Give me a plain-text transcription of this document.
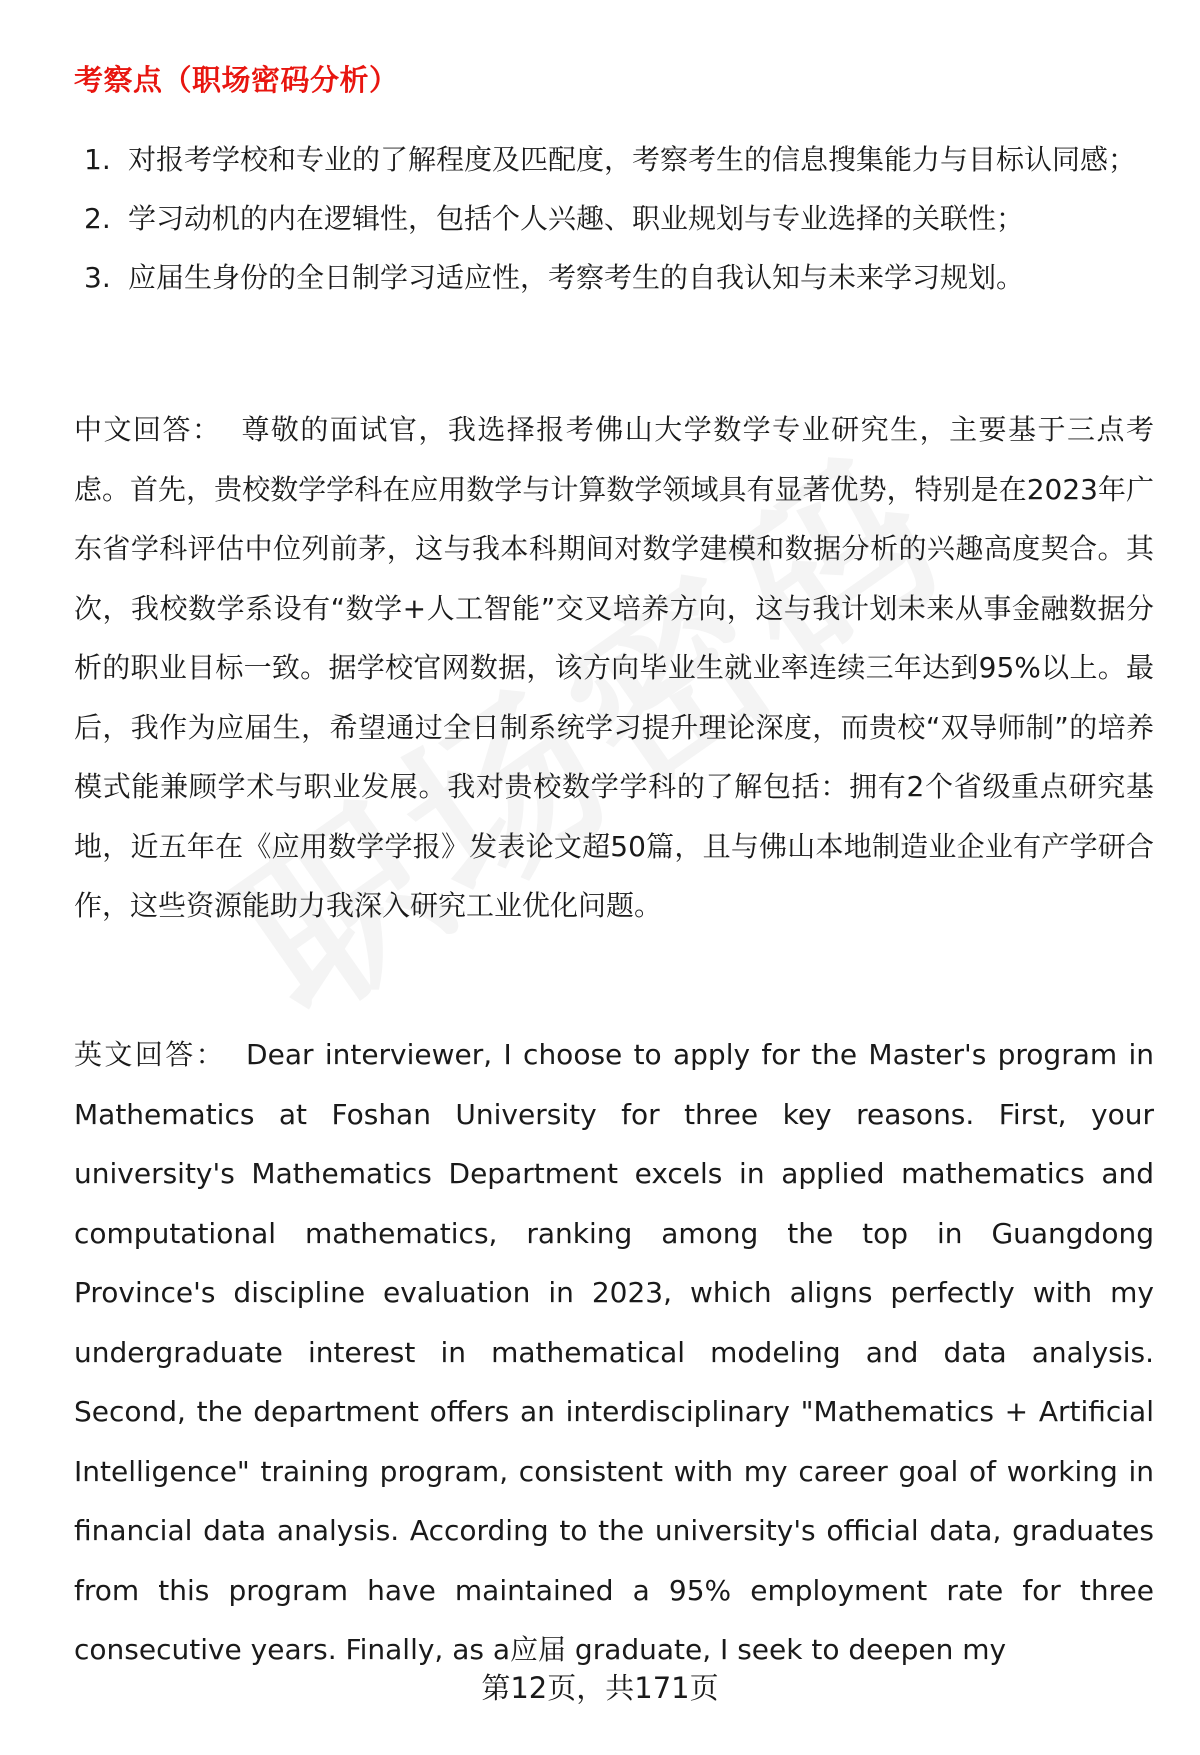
考察点（职场密码分析）
1. 对报考学校和专业的了解程度及匹配度，考察考生的信息搜集能力与目标认同感；
2. 学习动机的内在逻辑性，包括个人兴趣、职业规划与专业选择的关联性；
3. 应届生身份的全日制学习适应性，考察考生的自我认知与未来学习规划。

中文回答： 尊敬的面试官，我选择报考佛山大学数学专业研究生，主要基于三点考虑。首先，贵校数学学科在应用数学与计算数学领域具有显著优势，特别是在2023年广东省学科评估中位列前茅，这与我本科期间对数学建模和数据分析的兴趣高度契合。其次，我校数学系设有“数学+人工智能”交叉培养方向，这与我计划未来从事金融数据分析的职业目标一致。据学校官网数据，该方向毕业生就业率连续三年达到95%以上。最后，我作为应届生，希望通过全日制系统学习提升理论深度，而贵校“双导师制”的培养模式能兼顾学术与职业发展。我对贵校数学学科的了解包括：拥有2个省级重点研究基地，近五年在《应用数学学报》发表论文超50篇，且与佛山本地制造业企业有产学研合作，这些资源能助力我深入研究工业优化问题。

英文回答： Dear interviewer, I choose to apply for the Master's program in Mathematics at Foshan University for three key reasons. First, your university's Mathematics Department excels in applied mathematics and computational mathematics, ranking among the top in Guangdong Province's discipline evaluation in 2023, which aligns perfectly with my undergraduate interest in mathematical modeling and data analysis. Second, the department offers an interdisciplinary "Mathematics + Artificial Intelligence" training program, consistent with my career goal of working in financial data analysis. According to the university's official data, graduates from this program have maintained a 95% employment rate for three consecutive years. Finally, as a应届 graduate, I seek to deepen my

第12页，共171页
